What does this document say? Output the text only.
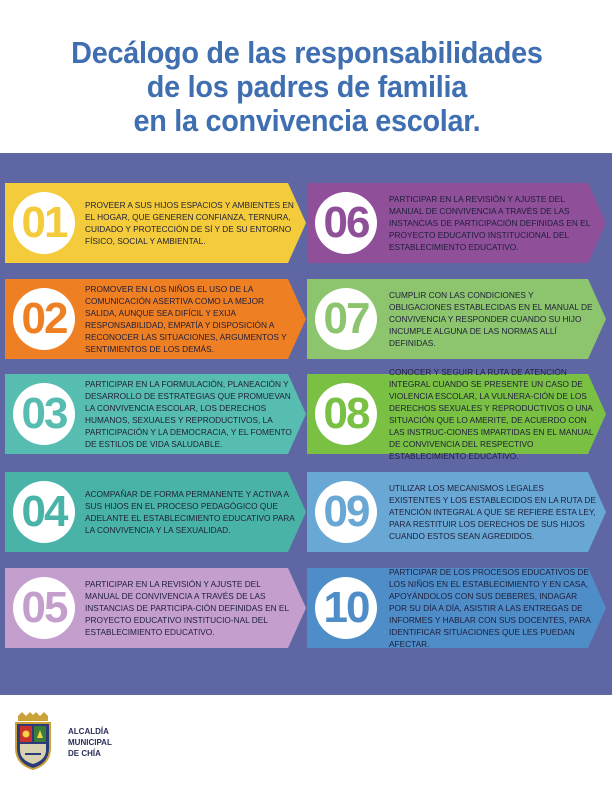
Decálogo de las responsabilidades
de los padres de familia
en la convivencia escolar.
01	PROVEER A SUS HIJOS ESPACIOS Y AMBIENTES EN EL HOGAR, QUE GENEREN CONFIANZA, TERNURA, CUIDADO Y PROTECCIÓN DE SÍ Y DE SU ENTORNO FÍSICO, SOCIAL Y AMBIENTAL.
02
PROMOVER EN LOS NIÑOS EL USO DE LA COMUNICACIÓN ASERTIVA COMO LA MEJOR SALIDA, AUNQUE SEA DIFÍCIL Y EXIJA RESPONSABILIDAD, EMPATÍA Y DISPOSICIÓN A RECONOCER LAS SITUACIONES, ARGUMENTOS Y SENTIMIENTOS DE LOS DEMÁS.
03
PARTICIPAR EN LA FORMULACIÓN, PLANEACIÓN Y DESARROLLO DE ESTRATEGIAS QUE PROMUEVAN LA CONVIVENCIA ESCOLAR, LOS DERECHOS HUMANOS, SEXUALES Y REPRODUCTIVOS, LA PARTICIPACIÓN Y LA DEMOCRACIA, Y EL FOMENTO DE ESTILOS DE VIDA SALUDABLE.
04	ACOMPAÑAR DE FORMA PERMANENTE Y ACTIVA A SUS HIJOS EN EL PROCESO PEDAGÓGICO QUE ADELANTE EL ESTABLECIMIENTO EDUCATIVO PARA LA CONVIVENCIA Y LA SEXUALIDAD.
05	PARTICIPAR EN LA REVISIÓN Y AJUSTE DEL MANUAL DE CONVIVENCIA A TRAVÉS DE LAS INSTANCIAS DE PARTICIPA-CIÓN DEFINIDAS EN EL PROYECTO EDUCATIVO INSTITUCIO-NAL DEL ESTABLECIMIENTO EDUCATIVO.
06	PARTICIPAR EN LA REVISIÓN Y AJUSTE DEL MANUAL DE CONVIVENCIA A TRAVÉS DE LAS INSTANCIAS DE PARTICIPACIÓN DEFINIDAS EN EL PROYECTO EDUCATIVO INSTITUCIONAL DEL ESTABLECIMIENTO EDUCATIVO.
07	CUMPLIR CON LAS CONDICIONES Y OBLIGACIONES ESTABLECIDAS EN EL MANUAL DE CONVIVENCIA Y RESPONDER CUANDO SU HIJO INCUMPLE ALGUNA DE LAS NORMAS ALLÍ DEFINIDAS.
08
CONOCER Y SEGUIR LA RUTA DE ATENCIÓN INTEGRAL CUANDO SE PRESENTE UN CASO DE VIOLENCIA ESCOLAR, LA VULNERA-CIÓN DE LOS DERECHOS SEXUALES Y REPRODUCTIVOS O UNA SITUACIÓN QUE LO AMERITE, DE ACUERDO CON LAS INSTRUC-CIONES IMPARTIDAS EN EL MANUAL DE CONVIVENCIA DEL RESPECTIVO ESTABLECIMIENTO EDUCATIVO.
09	UTILIZAR LOS MECANISMOS LEGALES EXISTENTES Y LOS ESTABLECIDOS EN LA RUTA DE ATENCIÓN INTEGRAL A QUE SE REFIERE ESTA LEY, PARA RESTITUIR LOS DERECHOS DE SUS HIJOS CUANDO ESTOS SEAN AGREDIDOS.
10
PARTICIPAR DE LOS PROCESOS EDUCATIVOS DE LOS NIÑOS EN EL ESTABLECIMIENTO Y EN CASA, APOYÁNDOLOS CON SUS DEBERES, INDAGAR POR SU DÍA A DÍA, ASISTIR A LAS ENTREGAS DE INFORMES Y HABLAR CON SUS DOCENTES, PARA IDENTIFICAR SITUACIONES QUE LES PUEDAN AFECTAR.
ALCALDÍA
MUNICIPAL
DE CHÍA
